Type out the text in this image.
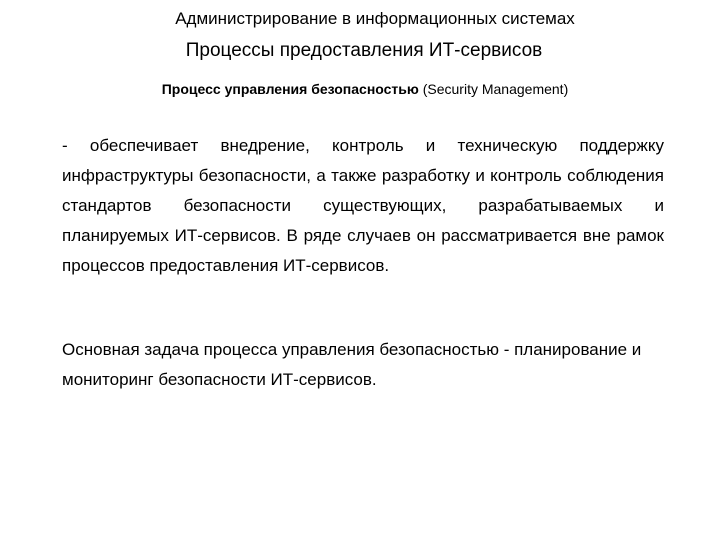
Администрирование в информационных системах
Процессы предоставления ИТ-сервисов
Процесс управления безопасностью (Security Management)

- обеспечивает внедрение, контроль и техническую поддержку инфраструктуры безопасности, а также разработку и контроль соблюдения стандартов безопасности существующих, разрабатываемых и планируемых ИТ-сервисов. В ряде случаев он рассматривается вне рамок процессов предоставления ИТ-сервисов.

Основная задача процесса управления безопасностью - планирование и мониторинг безопасности ИТ-сервисов.
